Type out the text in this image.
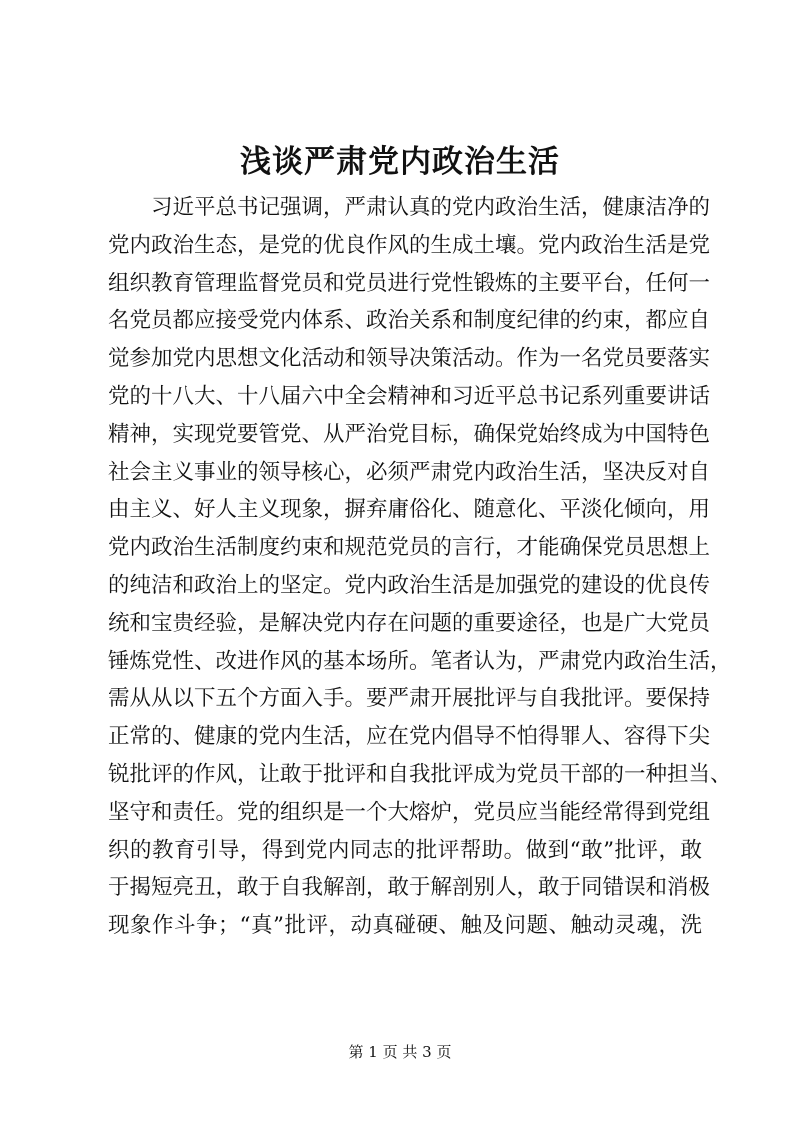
浅谈严肃党内政治生活
习近平总书记强调，严肃认真的党内政治生活，健康洁净的
党内政治生态，是党的优良作风的生成土壤。党内政治生活是党
组织教育管理监督党员和党员进行党性锻炼的主要平台，任何一
名党员都应接受党内体系、政治关系和制度纪律的约束，都应自
觉参加党内思想文化活动和领导决策活动。作为一名党员要落实
党的十八大、十八届六中全会精神和习近平总书记系列重要讲话
精神，实现党要管党、从严治党目标，确保党始终成为中国特色
社会主义事业的领导核心，必须严肃党内政治生活，坚决反对自
由主义、好人主义现象，摒弃庸俗化、随意化、平淡化倾向，用
党内政治生活制度约束和规范党员的言行，才能确保党员思想上
的纯洁和政治上的坚定。党内政治生活是加强党的建设的优良传
统和宝贵经验，是解决党内存在问题的重要途径，也是广大党员
锤炼党性、改进作风的基本场所。笔者认为，严肃党内政治生活，
需从从以下五个方面入手。要严肃开展批评与自我批评。要保持
正常的、健康的党内生活，应在党内倡导不怕得罪人、容得下尖
锐批评的作风，让敢于批评和自我批评成为党员干部的一种担当、
坚守和责任。党的组织是一个大熔炉，党员应当能经常得到党组
织的教育引导，得到党内同志的批评帮助。做到“敢”批评，敢
于揭短亮丑，敢于自我解剖，敢于解剖别人，敢于同错误和消极
现象作斗争；“真”批评，动真碰硬、触及问题、触动灵魂，洗
第 1 页 共 3 页
